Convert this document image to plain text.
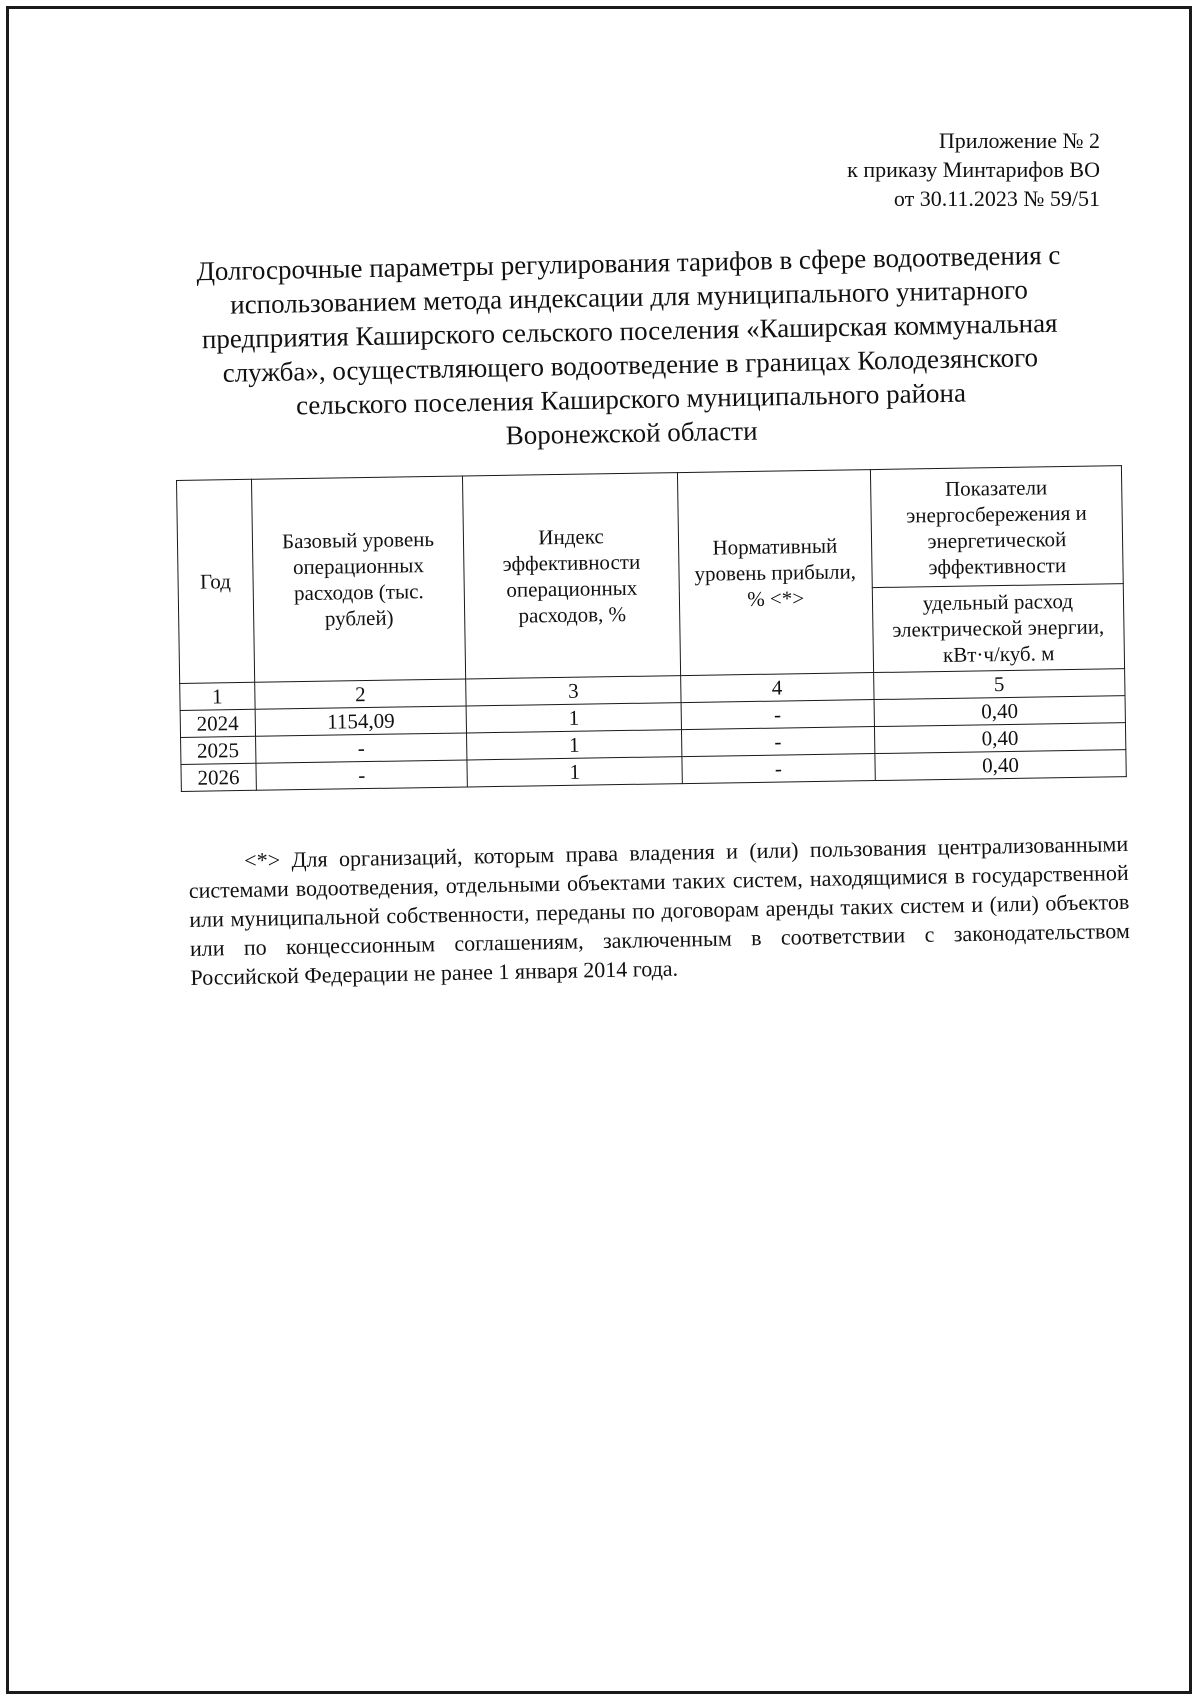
Приложение № 2
к приказу Минтарифов ВО
от 30.11.2023 № 59/51
Долгосрочные параметры регулирования тарифов в сфере водоотведения с
использованием метода индексации для муниципального унитарного
предприятия Каширского сельского поселения «Каширская коммунальная
служба», осуществляющего водоотведение в границах Колодезянского
сельского поселения Каширского муниципального района
Воронежской области
Год	Базовый уровень операционных расходов (тыс. рублей)	Индекс эффективности операционных расходов, %	Нормативный уровень прибыли, % <*>	Показатели энергосбережения и энергетической эффективности
				удельный расход электрической энергии, кВт·ч/куб. м
1	2	3	4	5
2024	1154,09	1	-	0,40
2025	-	1	-	0,40
2026	-	1	-	0,40

<*> Для организаций, которым права владения и (или) пользования централизованными системами водоотведения, отдельными объектами таких систем, находящимися в государственной или муниципальной собственности, переданы по договорам аренды таких систем и (или) объектов или по концессионным соглашениям, заключенным в соответствии с законодательством Российской Федерации не ранее 1 января 2014 года.
